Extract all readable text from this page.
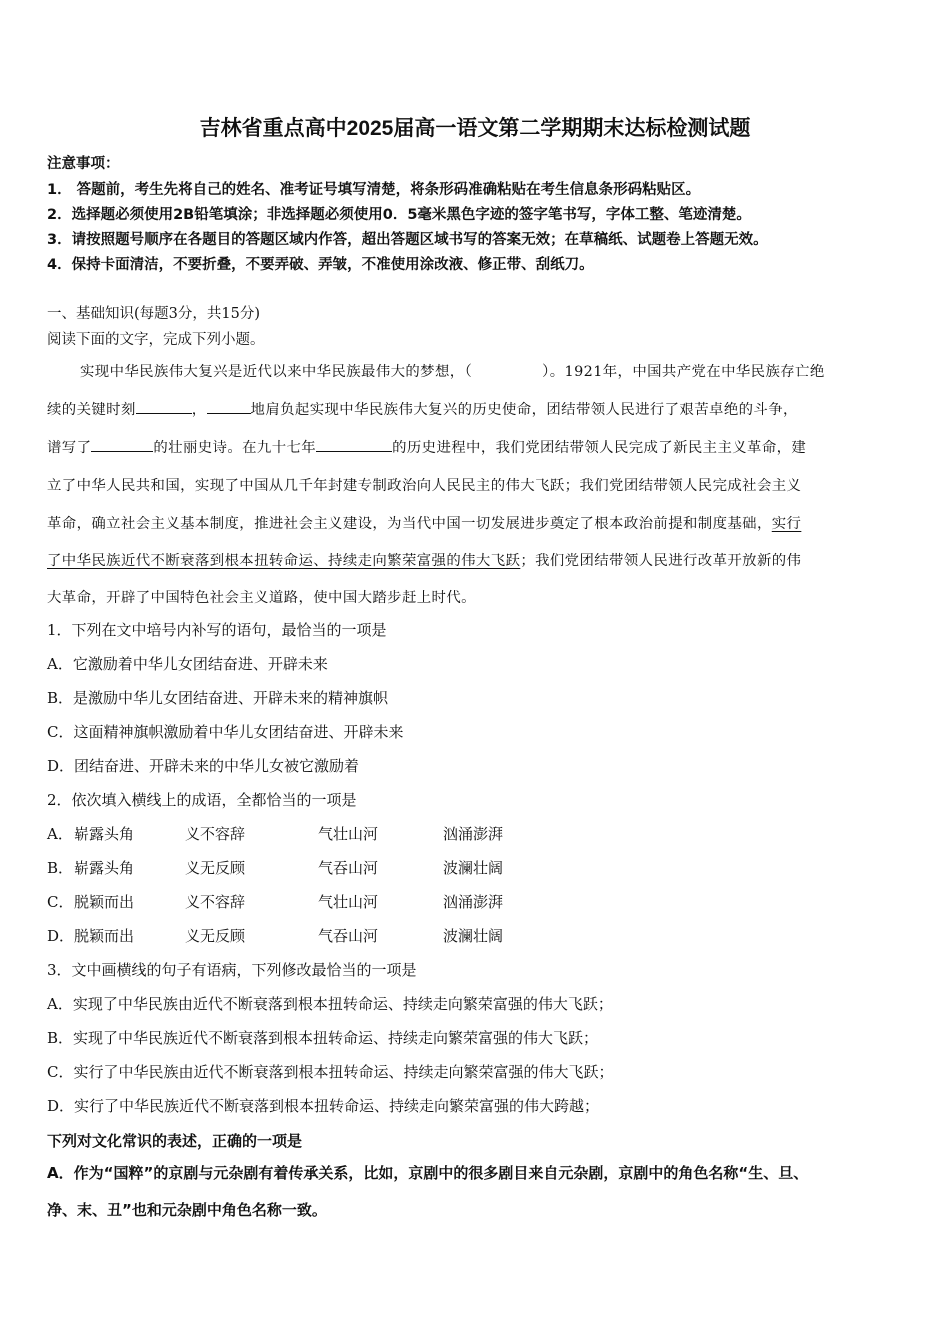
吉林省重点高中2025届高一语文第二学期期末达标检测试题
注意事项：
1． 答题前，考生先将自己的姓名、准考证号填写清楚，将条形码准确粘贴在考生信息条形码粘贴区。
2．选择题必须使用2B铅笔填涂；非选择题必须使用0．5毫米黑色字迹的签字笔书写，字体工整、笔迹清楚。
3．请按照题号顺序在各题目的答题区域内作答，超出答题区域书写的答案无效；在草稿纸、试题卷上答题无效。
4．保持卡面清洁，不要折叠，不要弄破、弄皱，不准使用涂改液、修正带、刮纸刀。
一、基础知识(每题3分，共15分)
阅读下面的文字，完成下列小题。
实现中华民族伟大复兴是近代以来中华民族最伟大的梦想，（	）。1921年，中国共产党在中华民族存亡绝
续的关键时刻	，	地肩负起实现中华民族伟大复兴的历史使命，团结带领人民进行了艰苦卓绝的斗争，
谱写了	的壮丽史诗。在九十七年	的历史进程中，我们党团结带领人民完成了新民主主义革命，建
立了中华人民共和国，实现了中国从几千年封建专制政治向人民民主的伟大飞跃；我们党团结带领人民完成社会主义
革命，确立社会主义基本制度，推进社会主义建设，为当代中国一切发展进步奠定了根本政治前提和制度基础，实行
了中华民族近代不断衰落到根本扭转命运、持续走向繁荣富强的伟大飞跃；我们党团结带领人民进行改革开放新的伟
大革命，开辟了中国特色社会主义道路，使中国大踏步赶上时代。
1．下列在文中培号内补写的语句，最恰当的一项是
A．它激励着中华儿女团结奋进、开辟未来
B．是激励中华儿女团结奋进、开辟未来的精神旗帜
C．这面精神旗帜激励着中华儿女团结奋进、开辟未来
D．团结奋进、开辟未来的中华儿女被它激励着
2．依次填入横线上的成语，全都恰当的一项是
A． 崭露头角	义不容辞	气壮山河	汹涌澎湃
B． 崭露头角	义无反顾	气吞山河	波澜壮阔
C． 脱颖而出	义不容辞	气壮山河	汹涌澎湃
D． 脱颖而出	义无反顾	气吞山河	波澜壮阔
3．文中画横线的句子有语病，下列修改最恰当的一项是
A．实现了中华民族由近代不断衰落到根本扭转命运、持续走向繁荣富强的伟大飞跃；
B．实现了中华民族近代不断衰落到根本扭转命运、持续走向繁荣富强的伟大飞跃；
C．实行了中华民族由近代不断衰落到根本扭转命运、持续走向繁荣富强的伟大飞跃；
D．实行了中华民族近代不断衰落到根本扭转命运、持续走向繁荣富强的伟大跨越；
下列对文化常识的表述，正确的一项是
A．作为“国粹”的京剧与元杂剧有着传承关系，比如，京剧中的很多剧目来自元杂剧，京剧中的角色名称“生、旦、
净、末、丑”也和元杂剧中角色名称一致。
